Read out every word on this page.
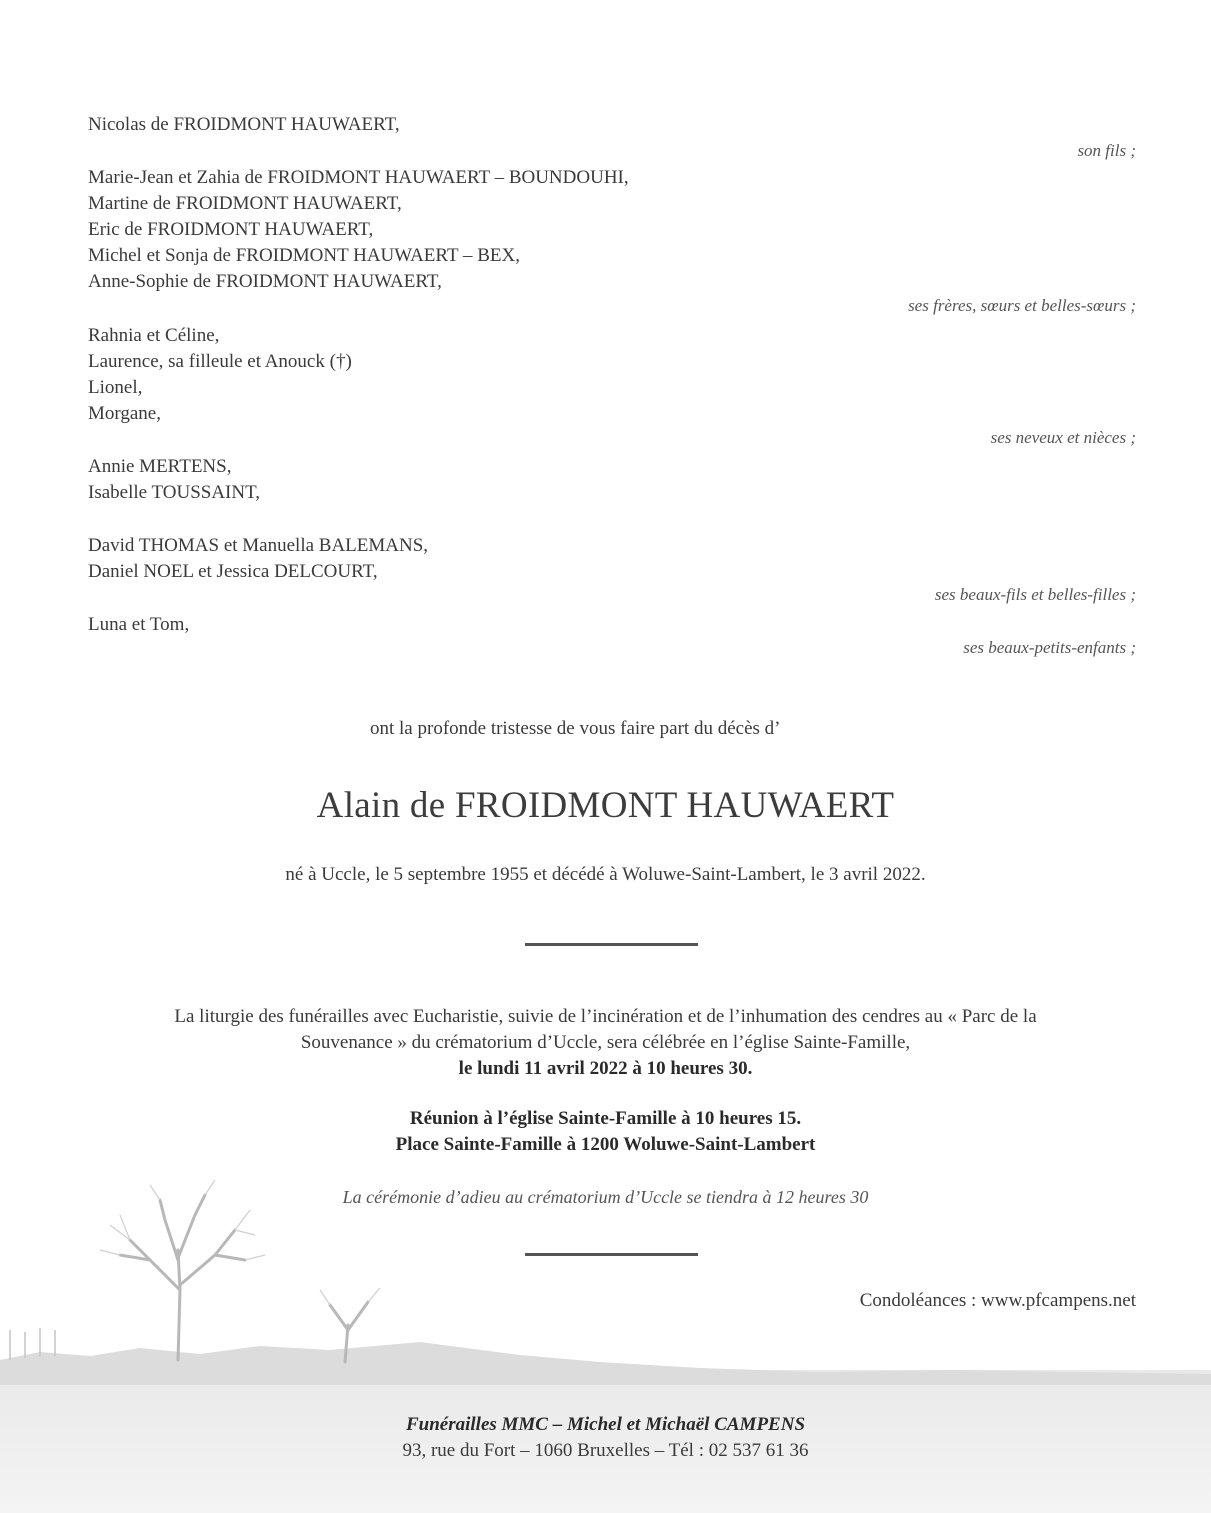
Nicolas de FROIDMONT HAUWAERT,
son fils ;
Marie-Jean et Zahia de FROIDMONT HAUWAERT – BOUNDOUHI,
Martine de FROIDMONT HAUWAERT,
Eric de FROIDMONT HAUWAERT,
Michel et Sonja de FROIDMONT HAUWAERT – BEX,
Anne-Sophie de FROIDMONT HAUWAERT,
ses frères, sœurs et belles-sœurs ;
Rahnia et Céline,
Laurence, sa filleule et Anouck (†)
Lionel,
Morgane,
ses neveux et nièces ;
Annie MERTENS,
Isabelle TOUSSAINT,
David THOMAS et Manuella BALEMANS,
Daniel NOEL et Jessica DELCOURT,
ses beaux-fils et belles-filles ;
Luna et Tom,
ses beaux-petits-enfants ;
ont la profonde tristesse de vous faire part du décès d’
Alain de FROIDMONT HAUWAERT
né à Uccle, le 5 septembre 1955 et décédé à Woluwe-Saint-Lambert, le 3 avril 2022.
La liturgie des funérailles avec Eucharistie, suivie de l’incinération et de l’inhumation des cendres au « Parc de la
Souvenance » du crématorium d’Uccle, sera célébrée en l’église Sainte-Famille,
le lundi 11 avril 2022 à 10 heures 30.
Réunion à l’église Sainte-Famille à 10 heures 15.
Place Sainte-Famille à 1200 Woluwe-Saint-Lambert
La cérémonie d’adieu au crématorium d’Uccle se tiendra à 12 heures 30
Condoléances : www.pfcampens.net
Funérailles MMC – Michel et Michaël CAMPENS
93, rue du Fort – 1060 Bruxelles – Tél : 02 537 61 36
